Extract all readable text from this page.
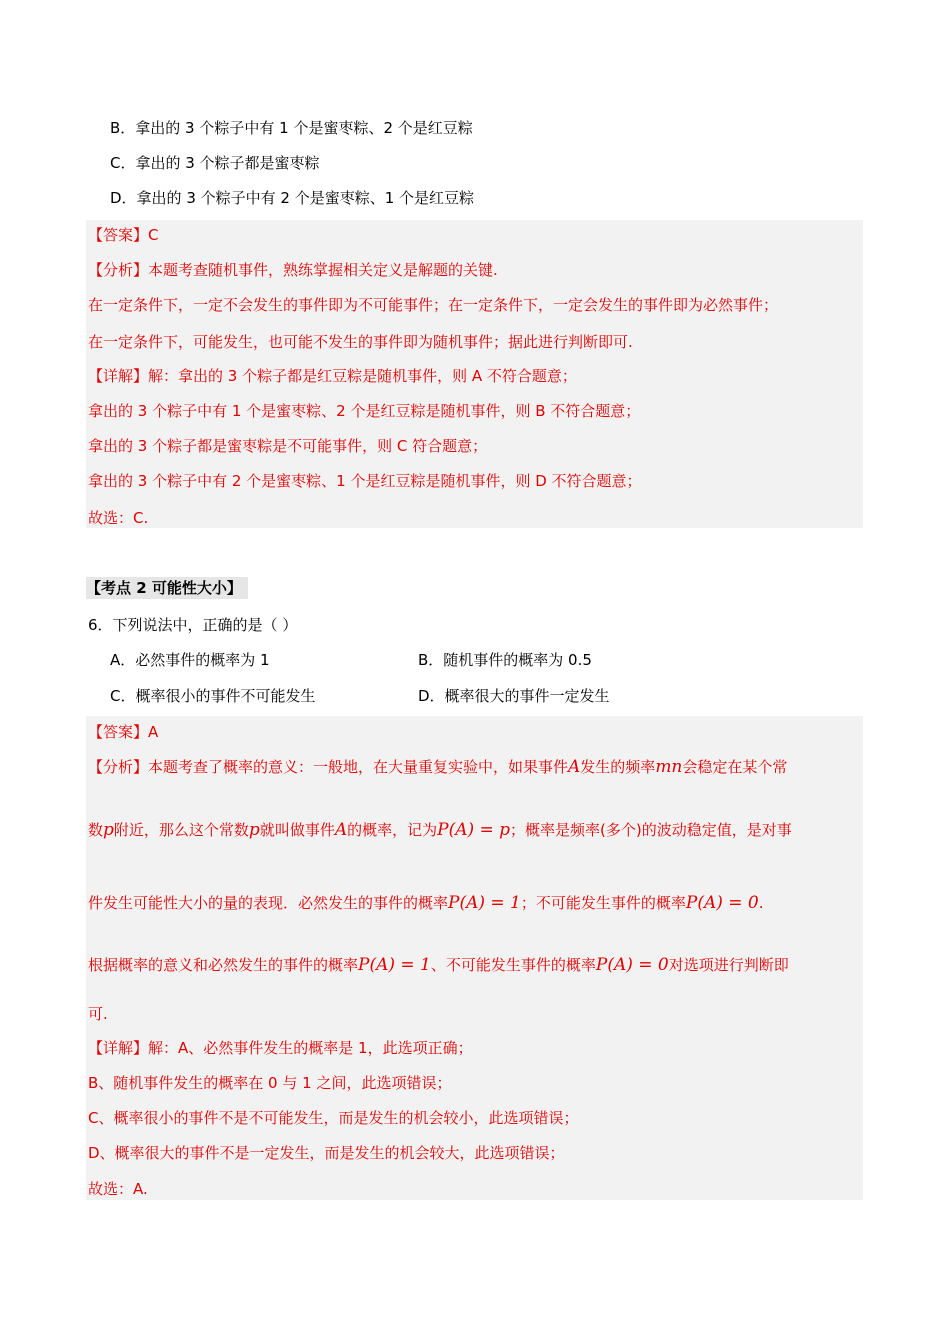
B．拿出的 3 个粽子中有 1 个是蜜枣粽、2 个是红豆粽
C．拿出的 3 个粽子都是蜜枣粽
D．拿出的 3 个粽子中有 2 个是蜜枣粽、1 个是红豆粽
【答案】C
【分析】本题考查随机事件，熟练掌握相关定义是解题的关键.
在一定条件下，一定不会发生的事件即为不可能事件；在一定条件下，一定会发生的事件即为必然事件；
在一定条件下，可能发生，也可能不发生的事件即为随机事件；据此进行判断即可.
【详解】解：拿出的 3 个粽子都是红豆粽是随机事件，则 A 不符合题意；
拿出的 3 个粽子中有 1 个是蜜枣粽、2 个是红豆粽是随机事件，则 B 不符合题意；
拿出的 3 个粽子都是蜜枣粽是不可能事件，则 C 符合题意；
拿出的 3 个粽子中有 2 个是蜜枣粽、1 个是红豆粽是随机事件，则 D 不符合题意；
故选：C.
【考点 2 可能性大小】
6．下列说法中，正确的是（ ）
A．必然事件的概率为 1	B．随机事件的概率为 0.5
C．概率很小的事件不可能发生	D．概率很大的事件一定发生
【答案】A
【分析】本题考查了概率的意义：一般地，在大量重复实验中，如果事件A发生的频率mn会稳定在某个常
数p附近，那么这个常数p就叫做事件A的概率，记为P(A) = p；概率是频率(多个)的波动稳定值，是对事
件发生可能性大小的量的表现．必然发生的事件的概率P(A) = 1；不可能发生事件的概率P(A) = 0.
根据概率的意义和必然发生的事件的概率P(A) = 1、不可能发生事件的概率P(A) = 0对选项进行判断即
可.
【详解】解：A、必然事件发生的概率是 1，此选项正确；
B、随机事件发生的概率在 0 与 1 之间，此选项错误；
C、概率很小的事件不是不可能发生，而是发生的机会较小，此选项错误；
D、概率很大的事件不是一定发生，而是发生的机会较大，此选项错误；
故选：A.
